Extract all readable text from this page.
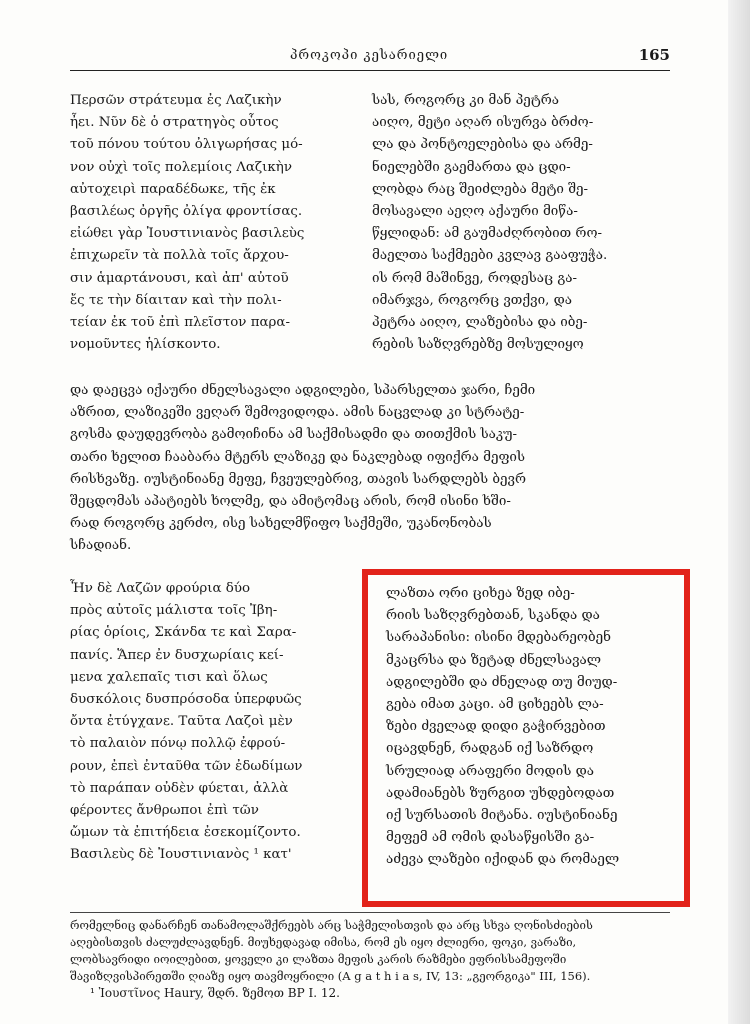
პროკოპი კესარიელი	165
Περσῶν στράτευμα ἐς Λαζικὴν
ἦει. Νῦν δὲ ὁ στρατηγὸς οὗτος
τοῦ πόνου τούτου ὀλιγωρήσας μό-
νον οὐχὶ τοῖς πολεμίοις Λαζικὴν
αὐτοχειρὶ παραδέδωκε, τῆς ἐκ
βασιλέως ὀργῆς ὀλίγα φροντίσας.
εἰώθει γὰρ Ἰουστινιανὸς βασιλεὺς
ἐπιχωρεῖν τὰ πολλὰ τοῖς ἄρχου-
σιν ἁμαρτάνουσι, καὶ ἀπ' αὐτοῦ
ἔς τε τὴν δίαιταν καὶ τὴν πολι-
τείαν ἐκ τοῦ ἐπὶ πλεῖστον παρα-
νομοῦντες ἡλίσκοντο.
სას, როგორც კი მან პეტრა
აიღო, მეტი აღარ ისურვა ბრძო-
ლა და პონტოელებისა და არმე-
ნიელებში გაემართა და ცდი-
ლობდა რაც შეიძლება მეტი შე-
მოსავალი აეღო აქაური მიწა-
წყლიდან: ამ გაუმაძღრობით რო-
მაელთა საქმეები კვლავ გააფუჭა.
ის რომ მაშინვე, როდესაც გა-
იმარჯვა, როგორც ვთქვი, და
პეტრა აიღო, ლაზებისა და იბე-
რების საზღვრებზე მოსულიყო
და დაეცვა იქაური ძნელსავალი ადგილები, სპარსელთა ჯარი, ჩემი
აზრით, ლაზიკეში ვეღარ შემოვიდოდა. ამის ნაცვლად კი სტრატე-
გოსმა დაუდევრობა გამოიჩინა ამ საქმისადმი და თითქმის საკუ-
თარი ხელით ჩააბარა მტერს ლაზიკე და ნაკლებად იფიქრა მეფის
რისხვაზე. იუსტინიანე მეფე, ჩვეულებრივ, თავის სარდლებს ბევრ
შეცდომას აპატიებს ხოლმე, და ამიტომაც არის, რომ ისინი ხში-
რად როგორც კერძო, ისე სახელმწიფო საქმეში, უკანონობას
სჩადიან.
Ἦν δὲ Λαζῶν φρούρια δύο
πρὸς αὐτοῖς μάλιστα τοῖς Ἰβη-
ρίας ὁρίοις, Σκάνδα τε καὶ Σαρα-
πανίς. Ἅπερ ἐν δυσχωρίαις κεί-
μενα χαλεπαῖς τισι καὶ ὅλως
δυσκόλοις δυσπρόσοδα ὑπερφυῶς
ὄντα ἐτύγχανε. Ταῦτα Λαζοὶ μὲν
τὸ παλαιὸν πόνῳ πολλῷ ἐφρού-
ρουν, ἐπεὶ ἐνταῦθα τῶν ἐδωδίμων
τὸ παράπαν οὐδὲν φύεται, ἀλλὰ
φέροντες ἄνθρωποι ἐπὶ τῶν
ὤμων τὰ ἐπιτήδεια ἐσεκομίζοντο.
Βασιλεὺς δὲ Ἰουστινιανὸς ¹ κατ'
ლაზთა ორი ციხეა ზედ იბე-
რიის საზღვრებთან, სკანდა და
სარაპანისი: ისინი მდებარეობენ
მკაცრსა და ზეტად ძნელსავალ
ადგილებში და ძნელად თუ მიუდ-
გება იმათ კაცი. ამ ციხეებს ლა-
ზები ძველად დიდი გაჭირვებით
იცავდნენ, რადგან იქ საზრდო
სრულიად არაფერი მოდის და
ადამიანებს ზურგით უხდებოდათ
იქ სურსათის მიტანა. იუსტინიანე
მეფემ ამ ომის დასაწყისში გა-
აძევა ლაზები იქიდან და რომაელ
რომელნიც დანარჩენ თანამოლაშქრეებს არც საჭმელისთვის და არც სხვა ღონისძიების
აღებისთვის ძალუძლავდნენ. მიუხედავად იმისა, რომ ეს იყო ძლიერი, ფოკი, ვარაზი,
ლობსავრიდი იოილებით, ყოველი კი ლაზთა მეფის კარის რაზმები ეფრისსამეფოში
შავიზღვისპირეთში ღიაზე იყო თავმოყრილი (A g a t h i a s, IV, 13: „გეორგიკა" III, 156).
¹ Ἰουστῖνος Haury, შდრ. ზემოთ BP I. 12.
